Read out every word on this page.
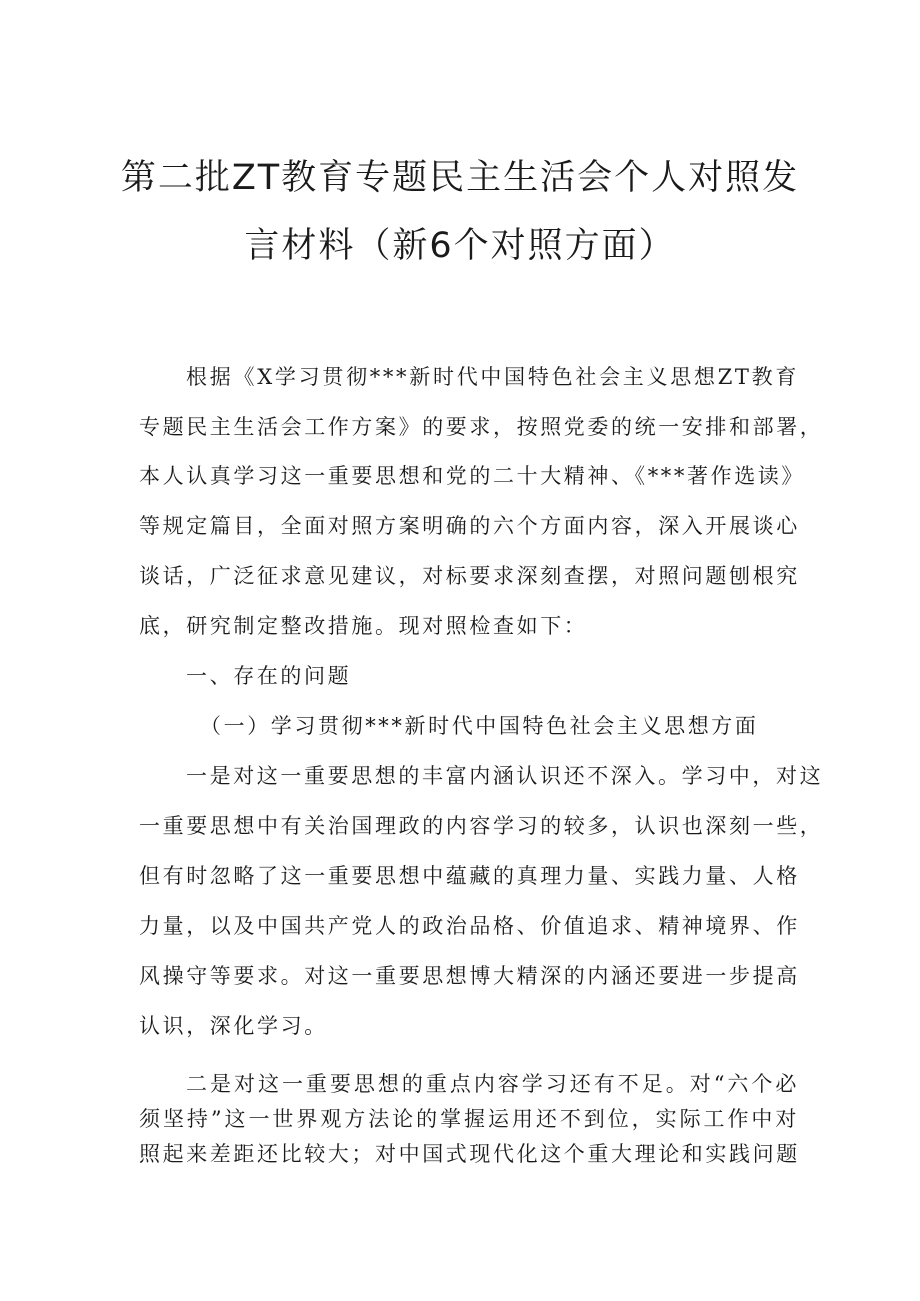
第二批ZT教育专题民主生活会个人对照发
言材料（新6个对照方面）
根据《X学习贯彻***新时代中国特色社会主义思想ZT教育
专题民主生活会工作方案》的要求，按照党委的统一安排和部署，
本人认真学习这一重要思想和党的二十大精神、《***著作选读》
等规定篇目，全面对照方案明确的六个方面内容，深入开展谈心
谈话，广泛征求意见建议，对标要求深刻查摆，对照问题刨根究
底，研究制定整改措施。现对照检查如下：
一、存在的问题
（一）学习贯彻***新时代中国特色社会主义思想方面
一是对这一重要思想的丰富内涵认识还不深入。学习中，对这
一重要思想中有关治国理政的内容学习的较多，认识也深刻一些，
但有时忽略了这一重要思想中蕴藏的真理力量、实践力量、人格
力量，以及中国共产党人的政治品格、价值追求、精神境界、作
风操守等要求。对这一重要思想博大精深的内涵还要进一步提高
认识，深化学习。
二是对这一重要思想的重点内容学习还有不足。对“六个必
须坚持”这一世界观方法论的掌握运用还不到位，实际工作中对
照起来差距还比较大；对中国式现代化这个重大理论和实践问题
